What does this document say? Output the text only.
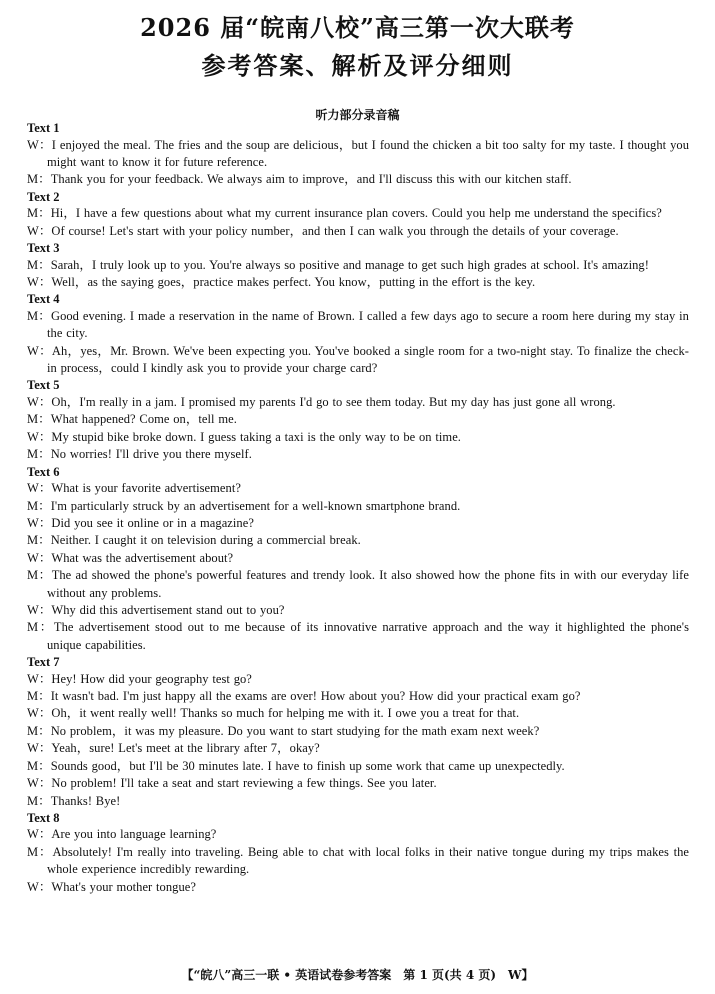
2026 届“皖南八校”高三第一次大联考
参考答案、解析及评分细则
听力部分录音稿
Text 1
W：I enjoyed the meal. The fries and the soup are delicious，but I found the chicken a bit too salty for my taste. I thought you might want to know it for future reference.
M：Thank you for your feedback. We always aim to improve，and I'll discuss this with our kitchen staff.
Text 2
M：Hi，I have a few questions about what my current insurance plan covers. Could you help me understand the specifics?
W：Of course! Let's start with your policy number，and then I can walk you through the details of your coverage.
Text 3
M：Sarah，I truly look up to you. You're always so positive and manage to get such high grades at school. It's amazing!
W：Well，as the saying goes，practice makes perfect. You know，putting in the effort is the key.
Text 4
M：Good evening. I made a reservation in the name of Brown. I called a few days ago to secure a room here during my stay in the city.
W：Ah，yes，Mr. Brown. We've been expecting you. You've booked a single room for a two-night stay. To finalize the check-in process，could I kindly ask you to provide your charge card?
Text 5
W：Oh，I'm really in a jam. I promised my parents I'd go to see them today. But my day has just gone all wrong.
M：What happened? Come on，tell me.
W：My stupid bike broke down. I guess taking a taxi is the only way to be on time.
M：No worries! I'll drive you there myself.
Text 6
W：What is your favorite advertisement?
M：I'm particularly struck by an advertisement for a well-known smartphone brand.
W：Did you see it online or in a magazine?
M：Neither. I caught it on television during a commercial break.
W：What was the advertisement about?
M：The ad showed the phone's powerful features and trendy look. It also showed how the phone fits in with our everyday life without any problems.
W：Why did this advertisement stand out to you?
M：The advertisement stood out to me because of its innovative narrative approach and the way it highlighted the phone's unique capabilities.
Text 7
W：Hey! How did your geography test go?
M：It wasn't bad. I'm just happy all the exams are over! How about you? How did your practical exam go?
W：Oh，it went really well! Thanks so much for helping me with it. I owe you a treat for that.
M：No problem，it was my pleasure. Do you want to start studying for the math exam next week?
W：Yeah，sure! Let's meet at the library after 7，okay?
M：Sounds good，but I'll be 30 minutes late. I have to finish up some work that came up unexpectedly.
W：No problem! I'll take a seat and start reviewing a few things. See you later.
M：Thanks! Bye!
Text 8
W：Are you into language learning?
M：Absolutely! I'm really into traveling. Being able to chat with local folks in their native tongue during my trips makes the whole experience incredibly rewarding.
W：What's your mother tongue?
【“皖八”高三一联 • 英语试卷参考答案　第 1 页(共 4 页)　W】
